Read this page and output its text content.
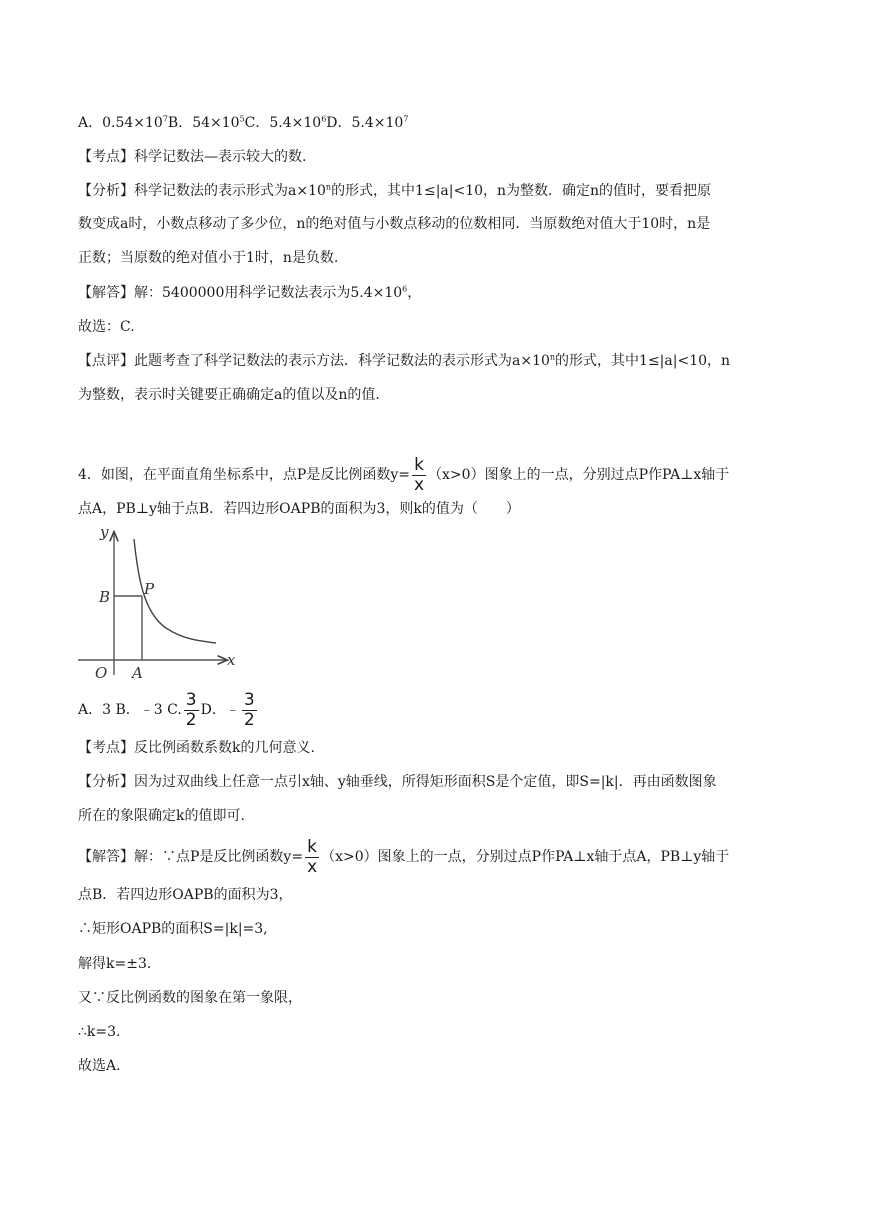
A．$0.54\times 10^7B$．$54\times 10^5C$．$5.4\times 10^6D$．$5.4\times 10^7$
【考点】科学记数法—表示较大的数.
【分析】科学记数法的表示形式为$a\times 10^n$的形式，其中1≤|a|<10，n为整数．确定n的值时，要看把原
数变成a时，小数点移动了多少位，n的绝对值与小数点移动的位数相同．当原数绝对值大于10时，n是
正数；当原数的绝对值小于1时，n是负数.
【解答】解：5400000用科学记数法表示为$5.4\times 10^6$，
故选：C.
【点评】此题考查了科学记数法的表示方法．科学记数法的表示形式为$a\times 10^n$的形式，其中1≤|a|<10，n
为整数，表示时关键要正确确定a的值以及n的值.
4．如图，在平面直角坐标系中，点P是反比例函数$y= \frac{k}{x} (x>0)$图象上的一点，分别过点P作PA⊥x轴于
点A，PB⊥y轴于点B．若四边形OAPB的面积为3，则k的值为（　　）
y
x
O A
B P
A．3 B．﹣3 C. $\frac{3}{2}$ D．﹣ $\frac{3}{2}$
【考点】反比例函数系数k的几何意义.
【分析】因为过双曲线上任意一点引x轴、y轴垂线，所得矩形面积S是个定值，即S=|k|．再由函数图象
所在的象限确定k的值即可.
【解答】解：∵点P是反比例函数$y= \frac{k}{x} (x>0)$图象上的一点，分别过点P作PA⊥x轴于点A，PB⊥y轴于
点B．若四边形OAPB的面积为3，
∴矩形OAPB的面积S=|k|=3,
解得k=±3.
又∵反比例函数的图象在第一象限，
∴k=3.
故选A.
